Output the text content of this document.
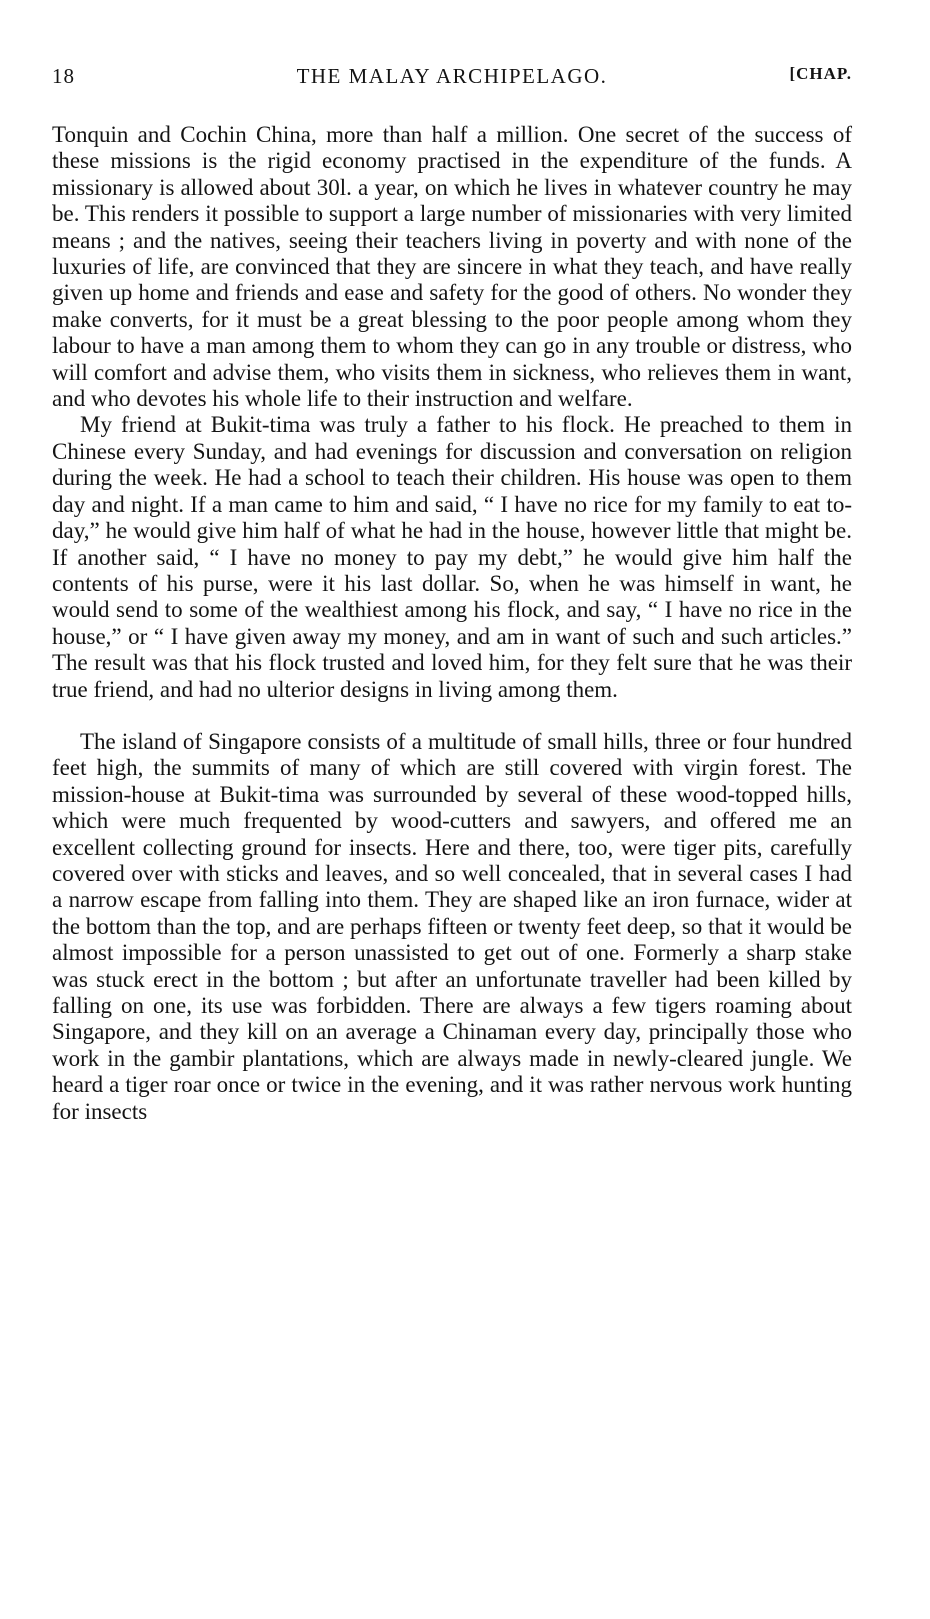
18	THE MALAY ARCHIPELAGO.	[CHAP.

Tonquin and Cochin China, more than half a million. One secret of the success of these missions is the rigid economy practised in the expenditure of the funds. A missionary is allowed about 30l. a year, on which he lives in whatever country he may be. This renders it possible to support a large number of missionaries with very limited means ; and the natives, seeing their teachers living in poverty and with none of the luxuries of life, are convinced that they are sincere in what they teach, and have really given up home and friends and ease and safety for the good of others. No wonder they make converts, for it must be a great blessing to the poor people among whom they labour to have a man among them to whom they can go in any trouble or distress, who will comfort and advise them, who visits them in sickness, who relieves them in want, and who devotes his whole life to their instruction and welfare.

My friend at Bukit-tima was truly a father to his flock. He preached to them in Chinese every Sunday, and had evenings for discussion and conversation on religion during the week. He had a school to teach their children. His house was open to them day and night. If a man came to him and said, “ I have no rice for my family to eat to-day,” he would give him half of what he had in the house, however little that might be. If another said, “ I have no money to pay my debt,” he would give him half the contents of his purse, were it his last dollar. So, when he was himself in want, he would send to some of the wealthiest among his flock, and say, “ I have no rice in the house,” or “ I have given away my money, and am in want of such and such articles.” The result was that his flock trusted and loved him, for they felt sure that he was their true friend, and had no ulterior designs in living among them.

The island of Singapore consists of a multitude of small hills, three or four hundred feet high, the summits of many of which are still covered with virgin forest. The mission-house at Bukit-tima was surrounded by several of these wood-topped hills, which were much frequented by wood-cutters and sawyers, and offered me an excellent collecting ground for insects. Here and there, too, were tiger pits, carefully covered over with sticks and leaves, and so well concealed, that in several cases I had a narrow escape from falling into them. They are shaped like an iron furnace, wider at the bottom than the top, and are perhaps fifteen or twenty feet deep, so that it would be almost impossible for a person unassisted to get out of one. Formerly a sharp stake was stuck erect in the bottom ; but after an unfortunate traveller had been killed by falling on one, its use was forbidden. There are always a few tigers roaming about Singapore, and they kill on an average a Chinaman every day, principally those who work in the gambir plantations, which are always made in newly-cleared jungle. We heard a tiger roar once or twice in the evening, and it was rather nervous work hunting for insects
